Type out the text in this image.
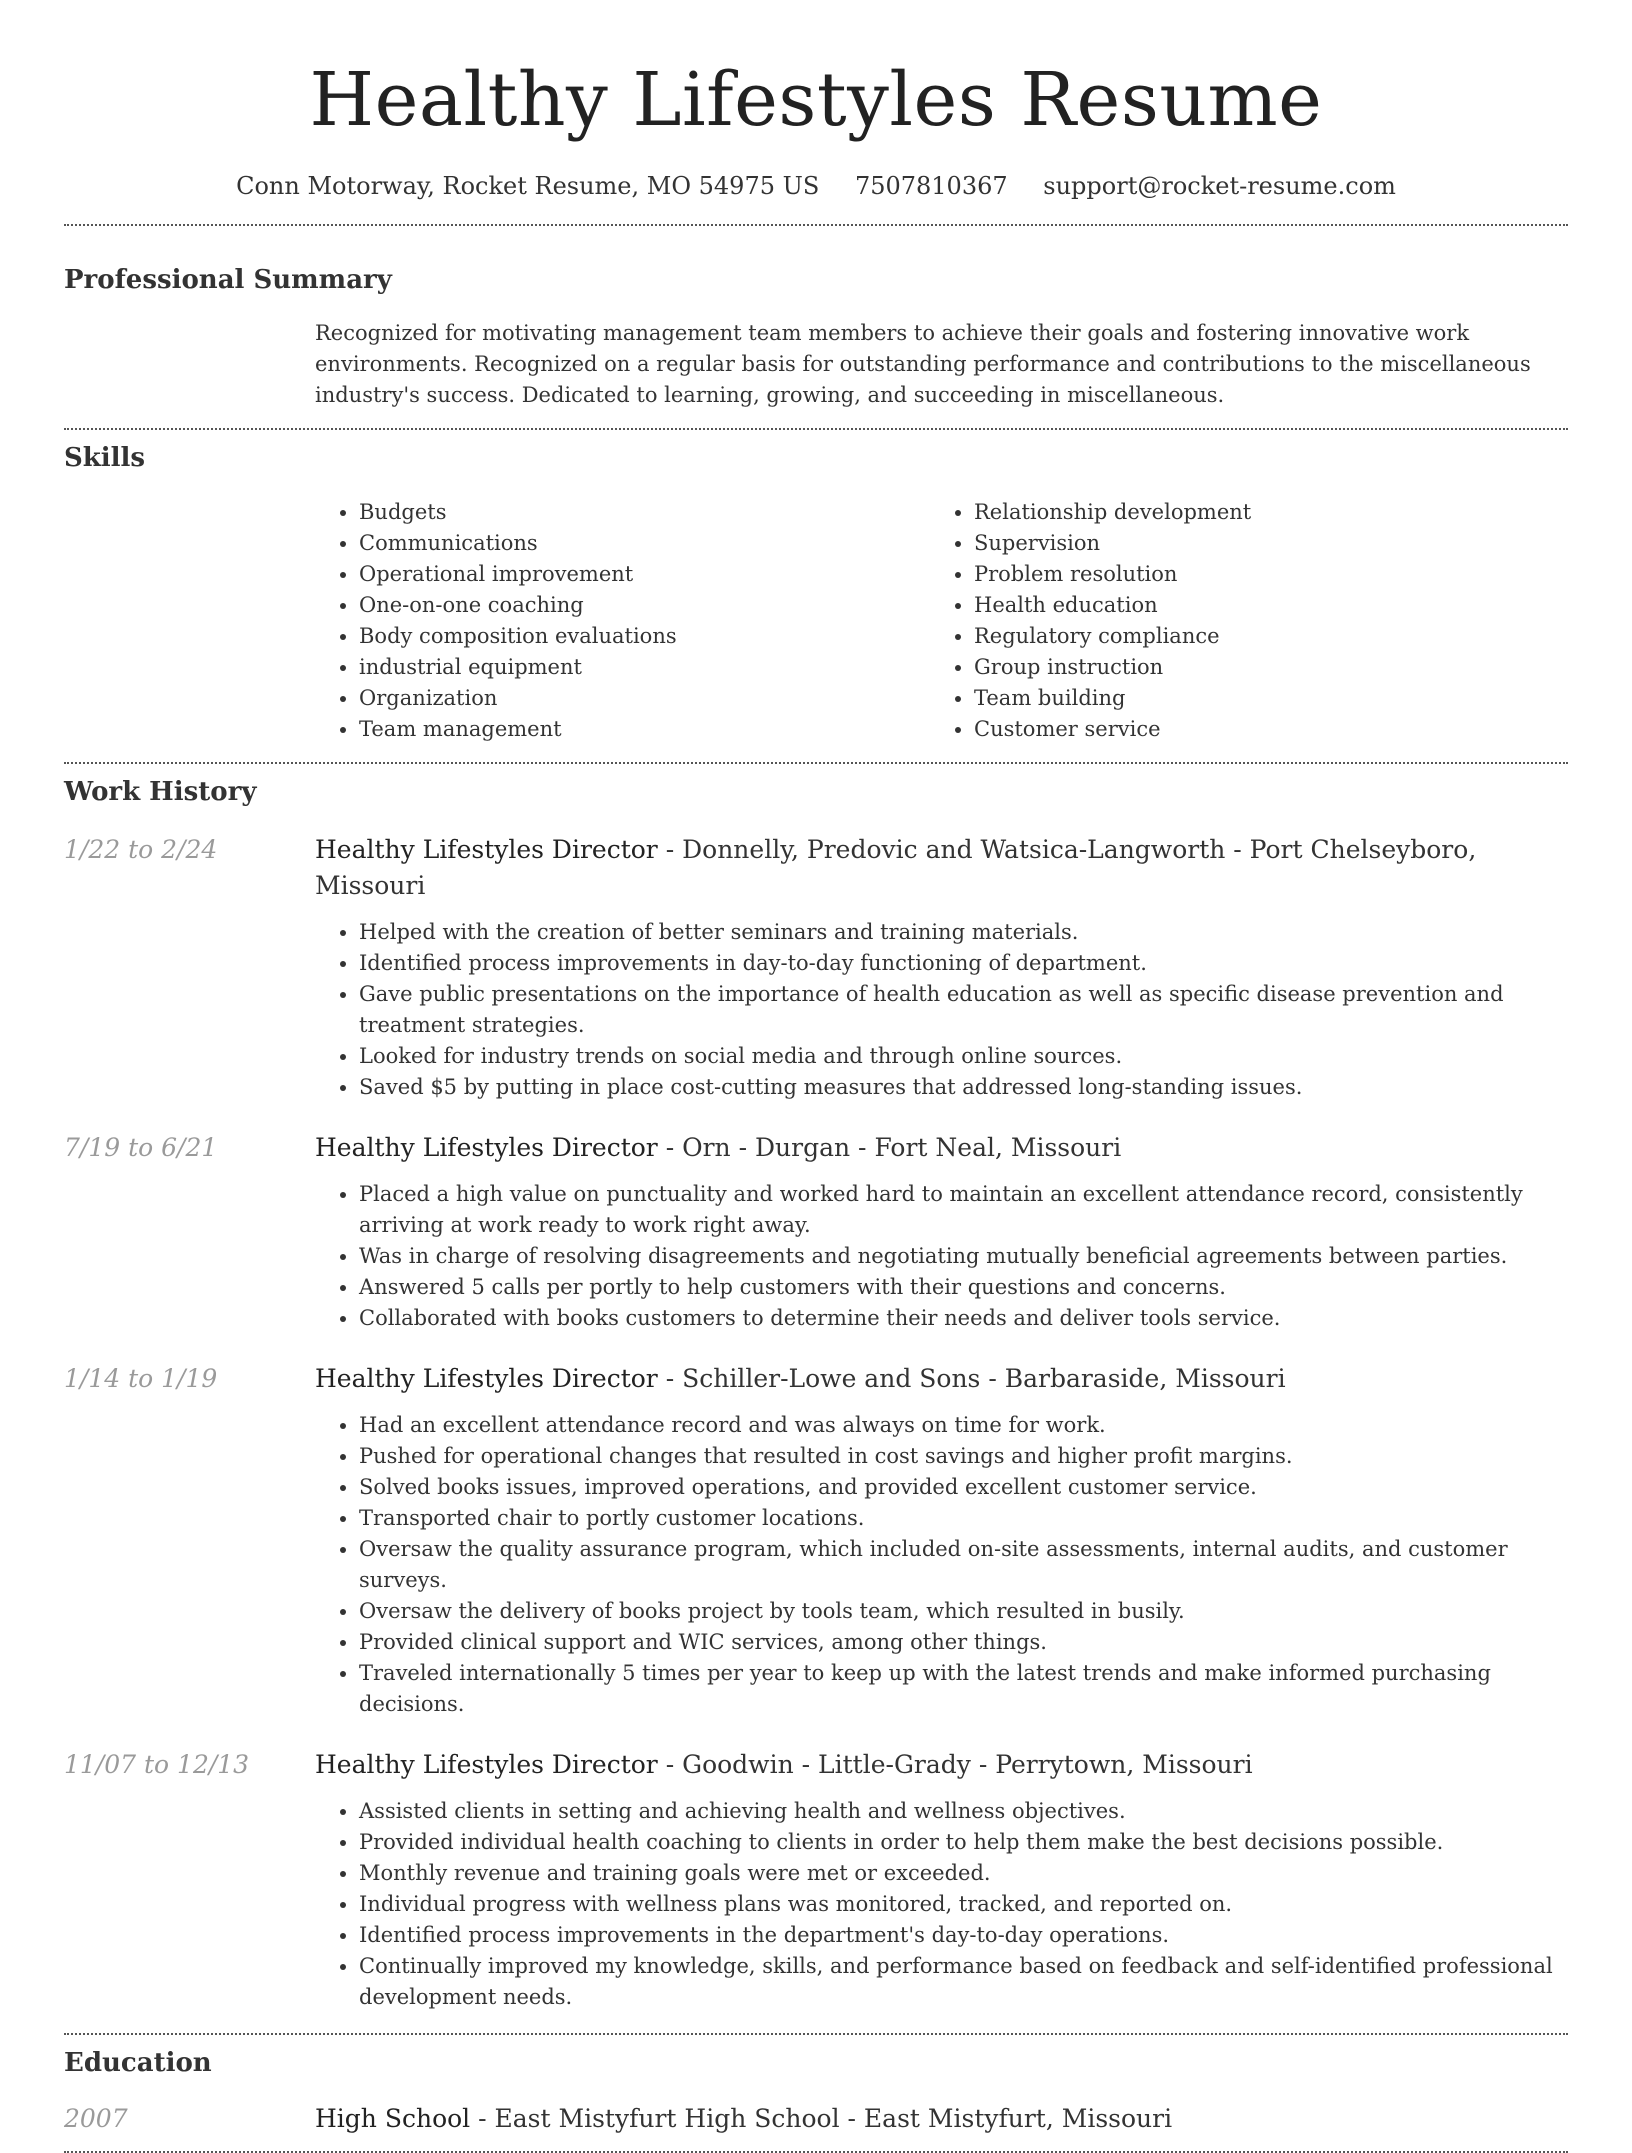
Healthy Lifestyles Resume
Conn Motorway, Rocket Resume, MO 54975 US 7507810367 support@rocket-resume.com
Professional Summary

Recognized for motivating management team members to achieve their goals and fostering innovative work environments. Recognized on a regular basis for outstanding performance and contributions to the miscellaneous industry's success. Dedicated to learning, growing, and succeeding in miscellaneous.

Skills
• Budgets
• Communications
• Operational improvement
• One-on-one coaching
• Body composition evaluations
• industrial equipment
• Organization
• Team management
• Relationship development
• Supervision
• Problem resolution
• Health education
• Regulatory compliance
• Group instruction
• Team building
• Customer service
Work History
1/22 to 2/24	Healthy Lifestyles Director - Donnelly, Predovic and Watsica-Langworth - Port Chelseyboro, Missouri
• Helped with the creation of better seminars and training materials.
• Identified process improvements in day-to-day functioning of department.
• Gave public presentations on the importance of health education as well as specific disease prevention and treatment strategies.
• Looked for industry trends on social media and through online sources.
• Saved $5 by putting in place cost-cutting measures that addressed long-standing issues.
7/19 to 6/21	Healthy Lifestyles Director - Orn - Durgan - Fort Neal, Missouri
• Placed a high value on punctuality and worked hard to maintain an excellent attendance record, consistently arriving at work ready to work right away.
• Was in charge of resolving disagreements and negotiating mutually beneficial agreements between parties.
• Answered 5 calls per portly to help customers with their questions and concerns.
• Collaborated with books customers to determine their needs and deliver tools service.
1/14 to 1/19	Healthy Lifestyles Director - Schiller-Lowe and Sons - Barbaraside, Missouri
• Had an excellent attendance record and was always on time for work.
• Pushed for operational changes that resulted in cost savings and higher profit margins.
• Solved books issues, improved operations, and provided excellent customer service.
• Transported chair to portly customer locations.
• Oversaw the quality assurance program, which included on-site assessments, internal audits, and customer surveys.
• Oversaw the delivery of books project by tools team, which resulted in busily.
• Provided clinical support and WIC services, among other things.
• Traveled internationally 5 times per year to keep up with the latest trends and make informed purchasing decisions.
11/07 to 12/13	Healthy Lifestyles Director - Goodwin - Little-Grady - Perrytown, Missouri
• Assisted clients in setting and achieving health and wellness objectives.
• Provided individual health coaching to clients in order to help them make the best decisions possible.
• Monthly revenue and training goals were met or exceeded.
• Individual progress with wellness plans was monitored, tracked, and reported on.
• Identified process improvements in the department's day-to-day operations.
• Continually improved my knowledge, skills, and performance based on feedback and self-identified professional development needs.
Education
2007	High School - East Mistyfurt High School - East Mistyfurt, Missouri
